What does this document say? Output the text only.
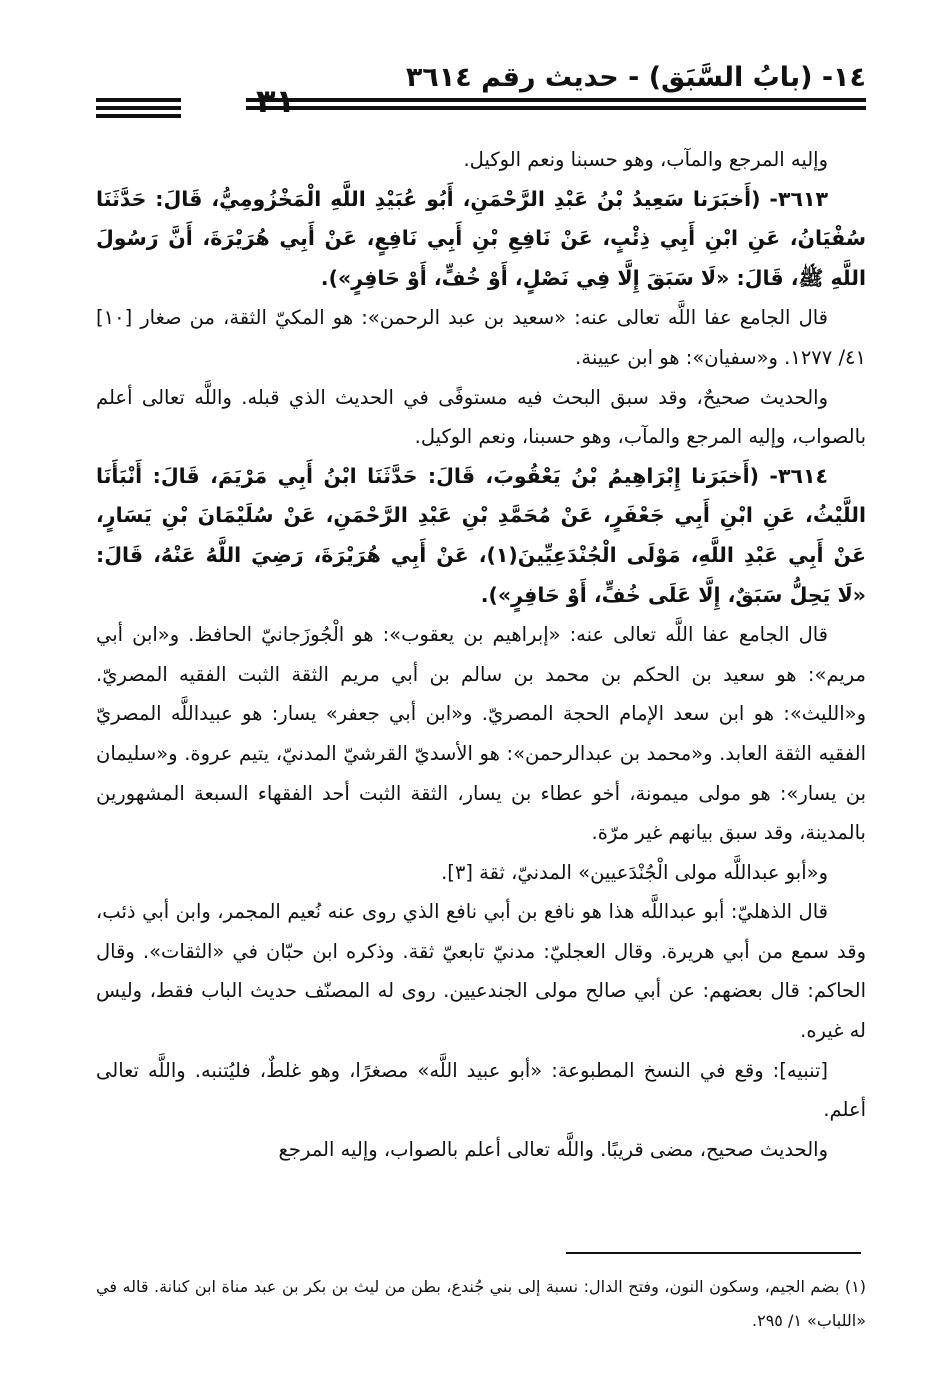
١٤- (بابُ السَّبَق) - حديث رقم ٣٦١٤

وإليه المرجع والمآب، وهو حسبنا ونعم الوكيل.

٣٦١٣- (أَخبَرَنا سَعِيدُ بْنُ عَبْدِ الرَّحْمَنِ، أَبُو عُبَيْدِ اللَّهِ الْمَخْزُومِيُّ، قَالَ: حَدَّثَنَا سُفْيَانُ، عَنِ ابْنِ أَبِي ذِئْبٍ، عَنْ نَافِعِ بْنِ أَبِي نَافِعٍ، عَنْ أَبِي هُرَيْرَةَ، أَنَّ رَسُولَ اللَّهِ ﷺ، قَالَ: «لَا سَبَقَ إِلَّا فِي نَصْلٍ، أَوْ خُفٍّ، أَوْ حَافِرٍ»).

قال الجامع عفا اللَّه تعالى عنه: «سعيد بن عبد الرحمن»: هو المكيّ الثقة، من صغار [١٠] ٤١/ ١٢٧٧. و«سفيان»: هو ابن عيينة.

والحديث صحيحٌ، وقد سبق البحث فيه مستوفًى في الحديث الذي قبله. واللَّه تعالى أعلم بالصواب، وإليه المرجع والمآب، وهو حسبنا، ونعم الوكيل.

٣٦١٤- (أَخبَرَنا إِبْرَاهِيمُ بْنُ يَعْقُوبَ، قَالَ: حَدَّثَنَا ابْنُ أَبِي مَرْيَمَ، قَالَ: أَنْبَأَنَا اللَّيْثُ، عَنِ ابْنِ أَبِي جَعْفَرٍ، عَنْ مُحَمَّدِ بْنِ عَبْدِ الرَّحْمَنِ، عَنْ سُلَيْمَانَ بْنِ يَسَارٍ، عَنْ أَبِي عَبْدِ اللَّهِ، مَوْلَى الْجُنْدَعِيِّينَ(١)، عَنْ أَبِي هُرَيْرَةَ، رَضِيَ اللَّهُ عَنْهُ، قَالَ: «لَا يَحِلُّ سَبَقٌ، إِلَّا عَلَى خُفٍّ، أَوْ حَافِرٍ»).

قال الجامع عفا اللَّه تعالى عنه: «إبراهيم بن يعقوب»: هو الْجُوزَجانيّ الحافظ. و«ابن أبي مريم»: هو سعيد بن الحكم بن محمد بن سالم بن أبي مريم الثقة الثبت الفقيه المصريّ. و«الليث»: هو ابن سعد الإمام الحجة المصريّ. و«ابن أبي جعفر» يسار: هو عبيداللَّه المصريّ الفقيه الثقة العابد. و«محمد بن عبدالرحمن»: هو الأسديّ القرشيّ المدنيّ، يتيم عروة. و«سليمان بن يسار»: هو مولى ميمونة، أخو عطاء بن يسار، الثقة الثبت أحد الفقهاء السبعة المشهورين بالمدينة، وقد سبق بيانهم غير مرّة.

و«أبو عبداللَّه مولى الْجُنْدَعيين» المدنيّ، ثقة [٣].

قال الذهليّ: أبو عبداللَّه هذا هو نافع بن أبي نافع الذي روى عنه نُعيم المجمر، وابن أبي ذئب، وقد سمع من أبي هريرة. وقال العجليّ: مدنيّ تابعيّ ثقة. وذكره ابن حبّان في «الثقات». وقال الحاكم: قال بعضهم: عن أبي صالح مولى الجندعيين. روى له المصنّف حديث الباب فقط، وليس له غيره.

[تنبيه]: وقع في النسخ المطبوعة: «أبو عبيد اللَّه» مصغرًا، وهو غلطٌ، فليُتنبه. واللَّه تعالى أعلم.

والحديث صحيح، مضى قريبًا. واللَّه تعالى أعلم بالصواب، وإليه المرجع

(١) بضم الجيم، وسكون النون، وفتح الدال: نسبة إلى بني جُندع، بطن من ليث بن بكر بن عبد مناة ابن كنانة. قاله في «اللباب» ١/ ٢٩٥.
